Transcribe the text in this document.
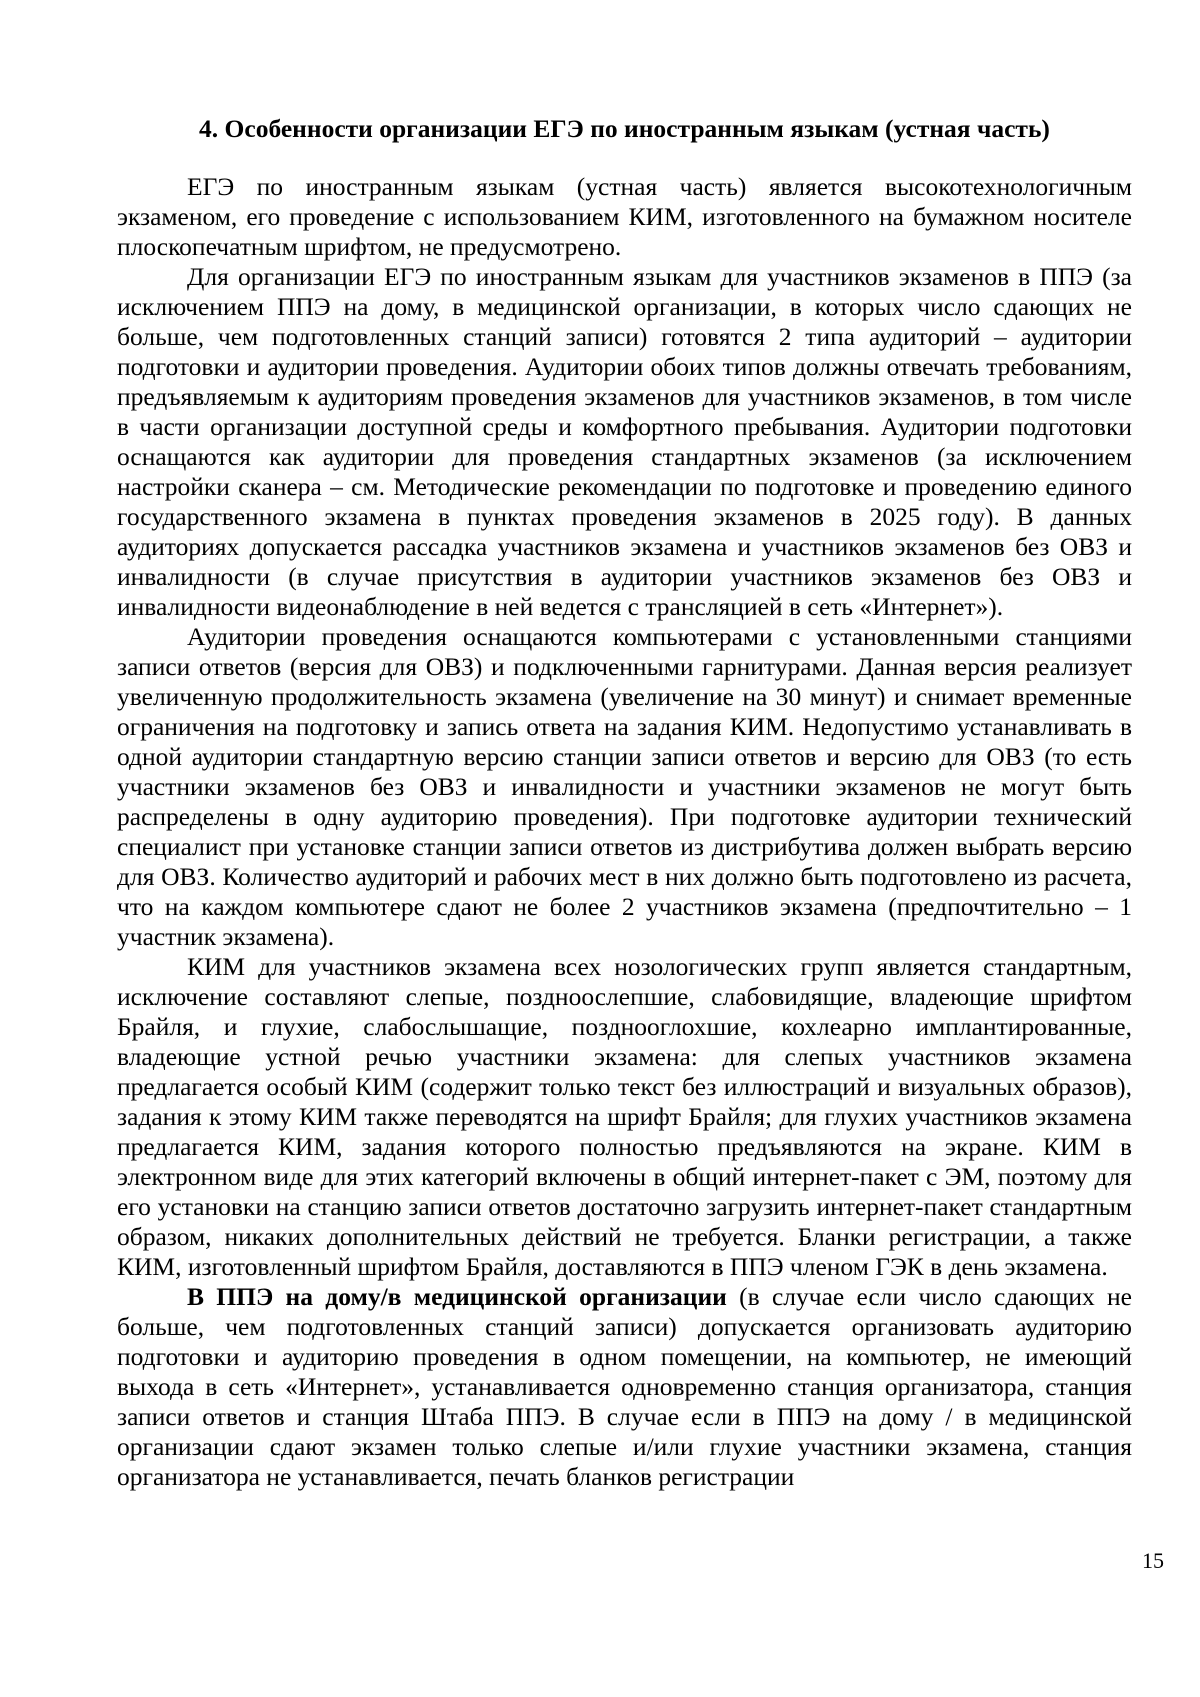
4. Особенности организации ЕГЭ по иностранным языкам (устная часть)

ЕГЭ по иностранным языкам (устная часть) является высокотехнологичным экзаменом, его проведение с использованием КИМ, изготовленного на бумажном носителе плоскопечатным шрифтом, не предусмотрено.

Для организации ЕГЭ по иностранным языкам для участников экзаменов в ППЭ (за исключением ППЭ на дому, в медицинской организации, в которых число сдающих не больше, чем подготовленных станций записи) готовятся 2 типа аудиторий – аудитории подготовки и аудитории проведения. Аудитории обоих типов должны отвечать требованиям, предъявляемым к аудиториям проведения экзаменов для участников экзаменов, в том числе в части организации доступной среды и комфортного пребывания. Аудитории подготовки оснащаются как аудитории для проведения стандартных экзаменов (за исключением настройки сканера – см. Методические рекомендации по подготовке и проведению единого государственного экзамена в пунктах проведения экзаменов в 2025 году). В данных аудиториях допускается рассадка участников экзамена и участников экзаменов без ОВЗ и инвалидности (в случае присутствия в аудитории участников экзаменов без ОВЗ и инвалидности видеонаблюдение в ней ведется с трансляцией в сеть «Интернет»).

Аудитории проведения оснащаются компьютерами с установленными станциями записи ответов (версия для ОВЗ) и подключенными гарнитурами. Данная версия реализует увеличенную продолжительность экзамена (увеличение на 30 минут) и снимает временные ограничения на подготовку и запись ответа на задания КИМ. Недопустимо устанавливать в одной аудитории стандартную версию станции записи ответов и версию для ОВЗ (то есть участники экзаменов без ОВЗ и инвалидности и участники экзаменов не могут быть распределены в одну аудиторию проведения). При подготовке аудитории технический специалист при установке станции записи ответов из дистрибутива должен выбрать версию для ОВЗ. Количество аудиторий и рабочих мест в них должно быть подготовлено из расчета, что на каждом компьютере сдают не более 2 участников экзамена (предпочтительно – 1 участник экзамена).

КИМ для участников экзамена всех нозологических групп является стандартным, исключение составляют слепые, поздноослепшие, слабовидящие, владеющие шрифтом Брайля, и глухие, слабослышащие, позднооглохшие, кохлеарно имплантированные, владеющие устной речью участники экзамена: для слепых участников экзамена предлагается особый КИМ (содержит только текст без иллюстраций и визуальных образов), задания к этому КИМ также переводятся на шрифт Брайля; для глухих участников экзамена предлагается КИМ, задания которого полностью предъявляются на экране. КИМ в электронном виде для этих категорий включены в общий интернет-пакет с ЭМ, поэтому для его установки на станцию записи ответов достаточно загрузить интернет-пакет стандартным образом, никаких дополнительных действий не требуется. Бланки регистрации, а также КИМ, изготовленный шрифтом Брайля, доставляются в ППЭ членом ГЭК в день экзамена.

В ППЭ на дому/в медицинской организации (в случае если число сдающих не больше, чем подготовленных станций записи) допускается организовать аудиторию подготовки и аудиторию проведения в одном помещении, на компьютер, не имеющий выхода в сеть «Интернет», устанавливается одновременно станция организатора, станция записи ответов и станция Штаба ППЭ. В случае если в ППЭ на дому / в медицинской организации сдают экзамен только слепые и/или глухие участники экзамена, станция организатора не устанавливается, печать бланков регистрации

15
